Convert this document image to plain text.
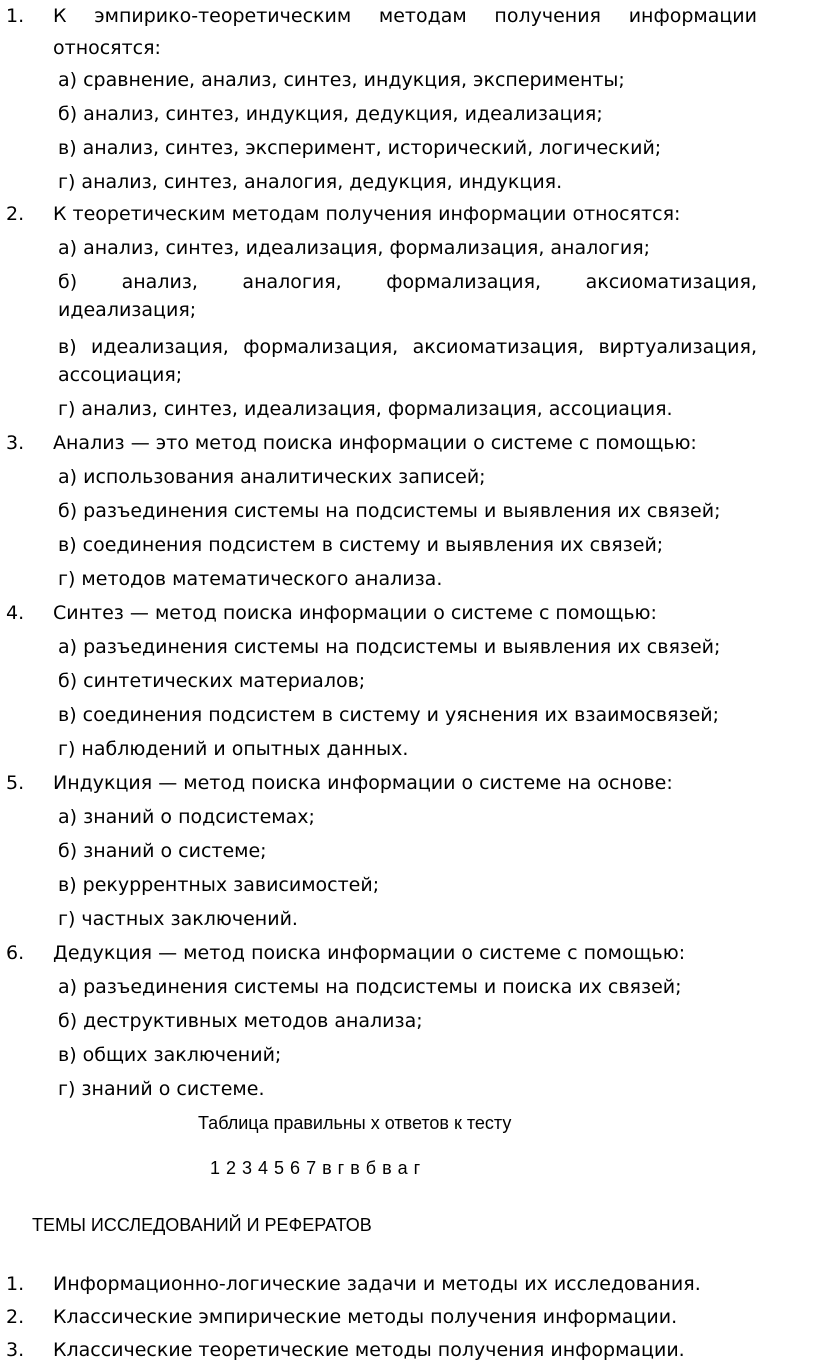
1. К эмпирико-теоретическим методам получения информации
относятся:
а) сравнение, анализ, синтез, индукция, эксперименты;
б) анализ, синтез, индукция, дедукция, идеализация;
в) анализ, синтез, эксперимент, исторический, логический;
г) анализ, синтез, аналогия, дедукция, индукция.
2. К теоретическим методам получения информации относятся:
а) анализ, синтез, идеализация, формализация, аналогия;
б) анализ, аналогия, формализация, аксиоматизация,
идеализация;
в) идеализация, формализация, аксиоматизация, виртуализация,
ассоциация;
г) анализ, синтез, идеализация, формализация, ассоциация.
3. Анализ — это метод поиска информации о системе с помощью:
а) использования аналитических записей;
б) разъединения системы на подсистемы и выявления их связей;
в) соединения подсистем в систему и выявления их связей;
г) методов математического анализа.
4. Синтез — метод поиска информации о системе с помощью:
а) разъединения системы на подсистемы и выявления их связей;
б) синтетических материалов;
в) соединения подсистем в систему и уяснения их взаимосвязей;
г) наблюдений и опытных данных.
5. Индукция — метод поиска информации о системе на основе:
а) знаний о подсистемах;
б) знаний о системе;
в) рекуррентных зависимостей;
г) частных заключений.
6. Дедукция — метод поиска информации о системе с помощью:
а) разъединения системы на подсистемы и поиска их связей;
б) деструктивных методов анализа;
в) общих заключений;
г) знаний о системе.
Таблица правильны х ответов к тесту
1 2 3 4 5 6 7 в г в б в а г
ТЕМЫ ИССЛЕДОВАНИЙ И РЕФЕРАТОВ
1. Информационно-логические задачи и методы их исследования.
2. Классические эмпирические методы получения информации.
3. Классические теоретические методы получения информации.
